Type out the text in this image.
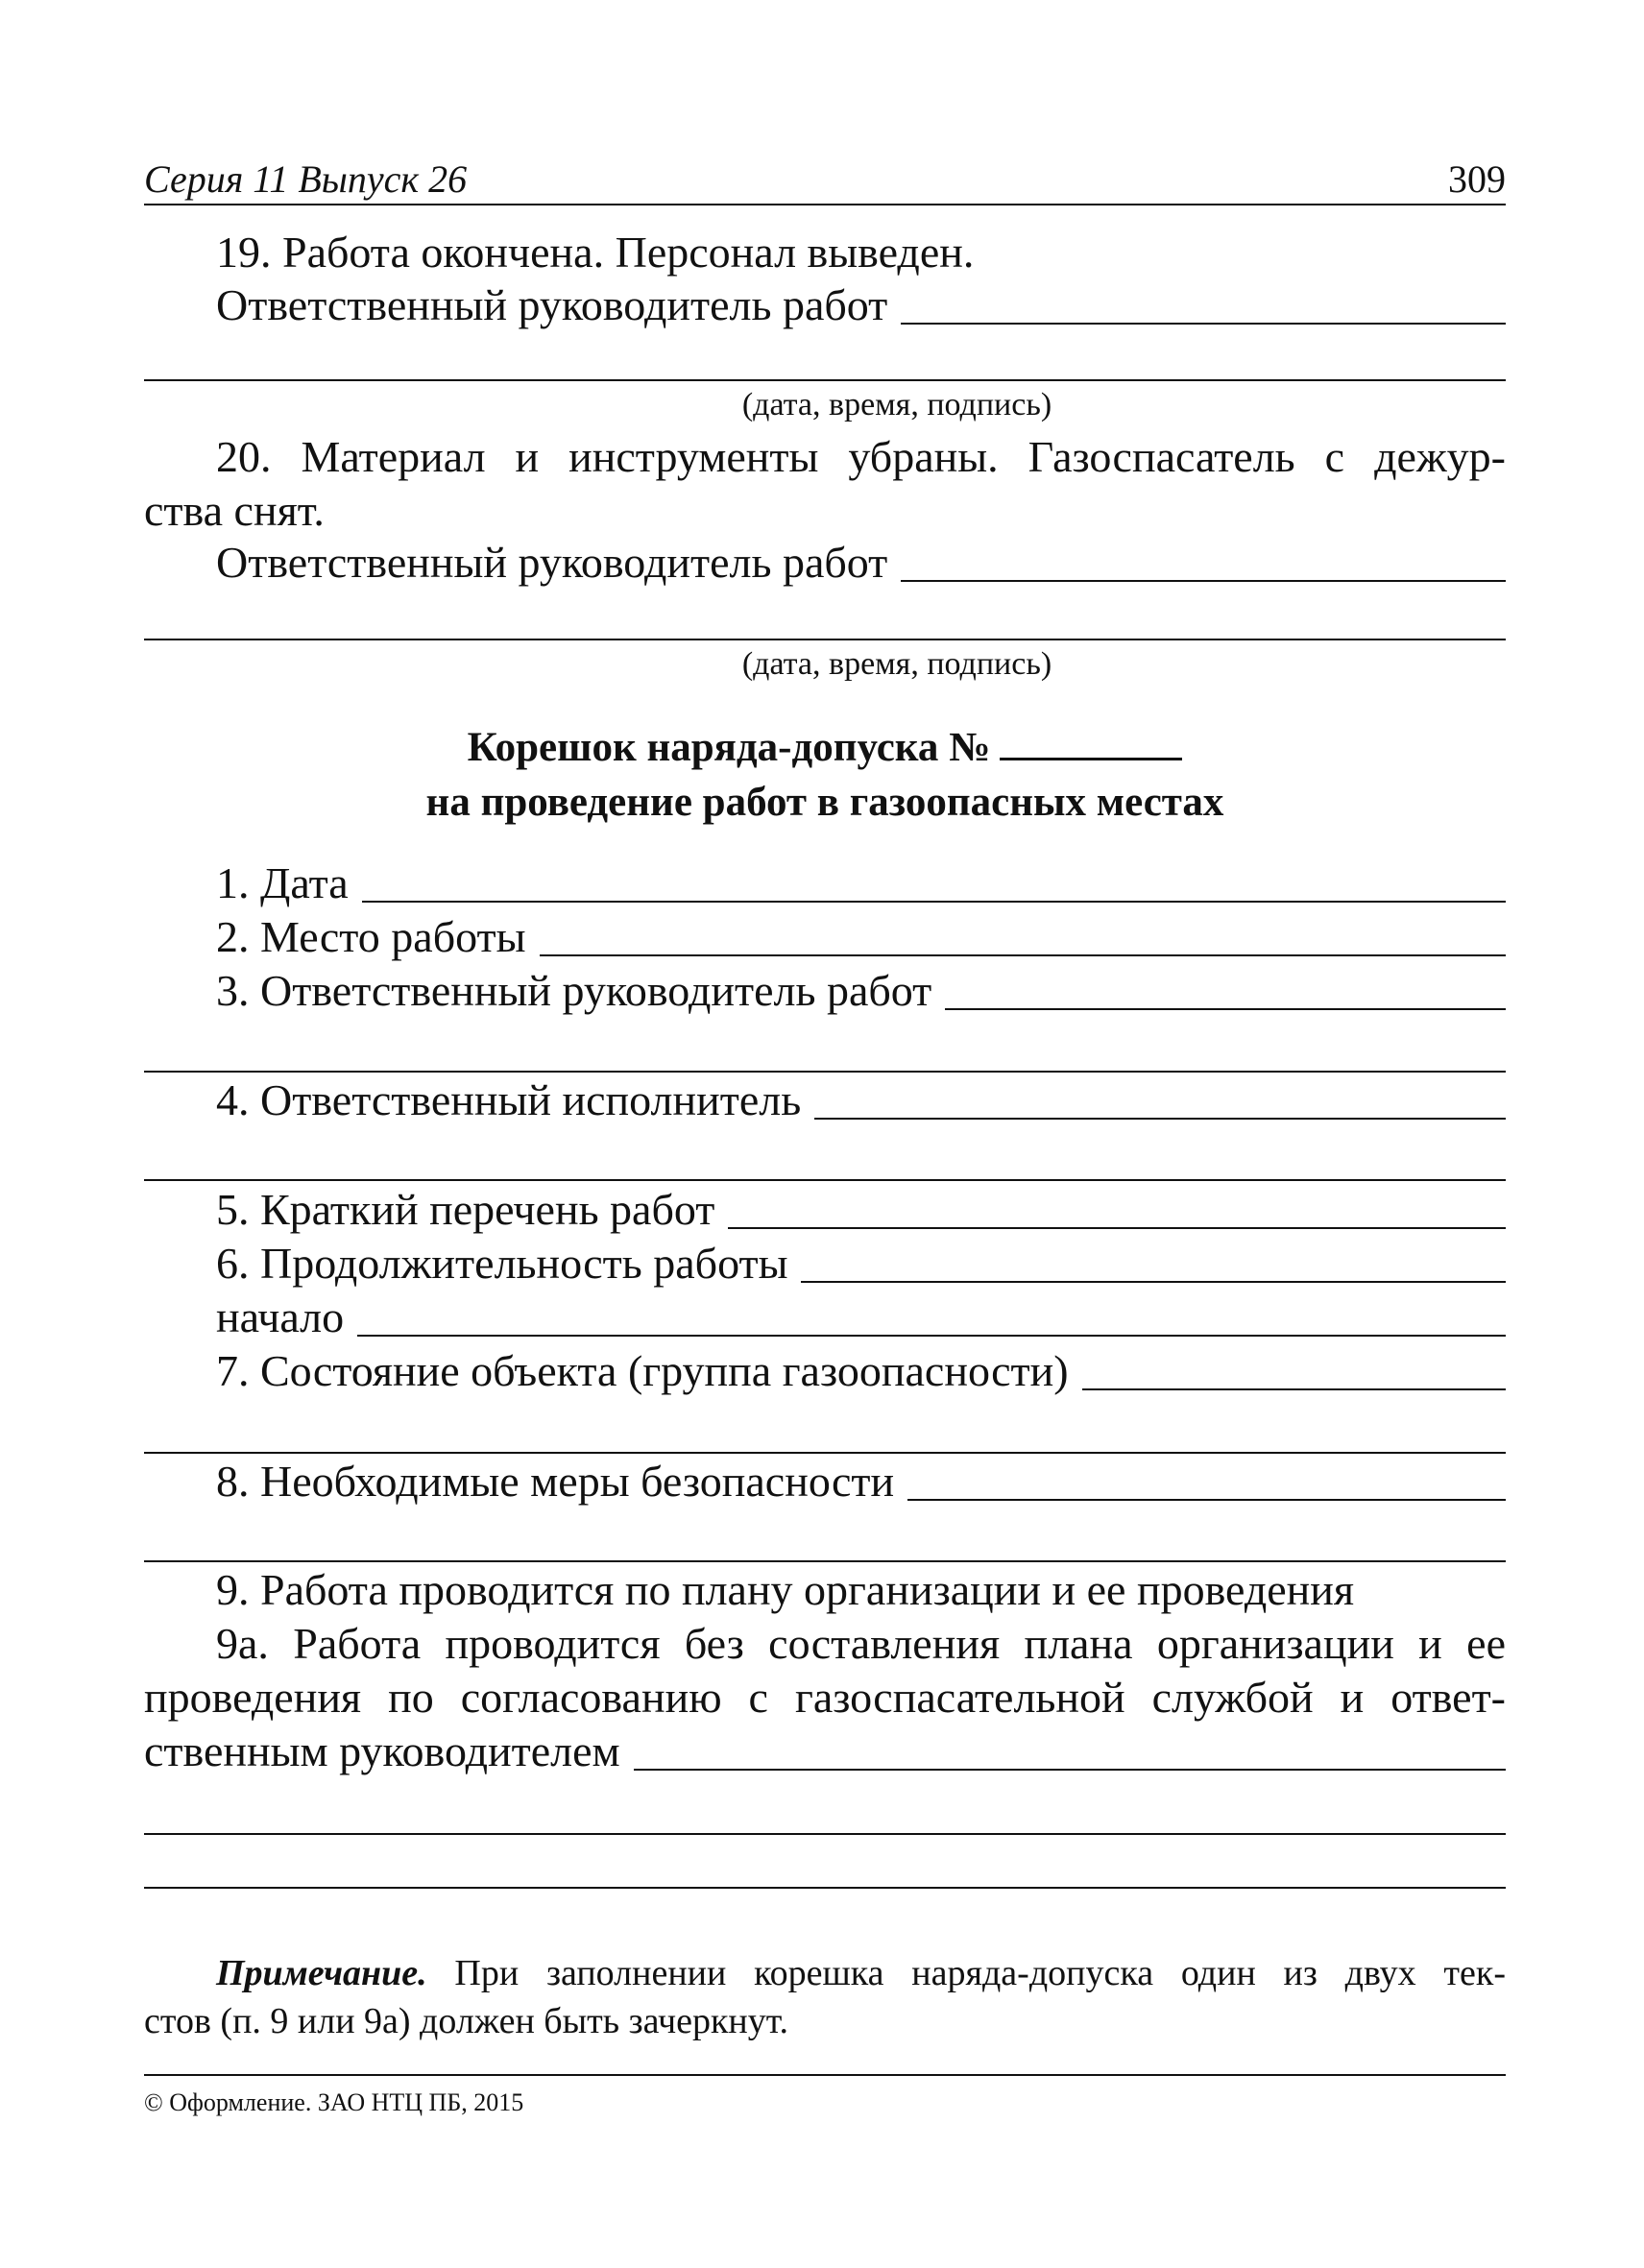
Серия 11 Выпуск 26	309
19. Работа окончена. Персонал выведен.
Ответственный руководитель работ
(дата, время, подпись)
20. Материал и инструменты убраны. Газоспасатель с дежур-
ства снят.
Ответственный руководитель работ
(дата, время, подпись)
Корешок наряда-допуска №
на проведение работ в газоопасных местах
1. Дата
2. Место работы
3. Ответственный руководитель работ
4. Ответственный исполнитель
5. Краткий перечень работ
6. Продолжительность работы
начало
7. Состояние объекта (группа газоопасности)
8. Необходимые меры безопасности
9. Работа проводится по плану организации и ее проведения
9а. Работа проводится без составления плана организации и ее
проведения по согласованию с газоспасательной службой и ответ-
ственным руководителем
Примечание. При заполнении корешка наряда-допуска один из двух тек-
стов (п. 9 или 9а) должен быть зачеркнут.
© Оформление. ЗАО НТЦ ПБ, 2015
